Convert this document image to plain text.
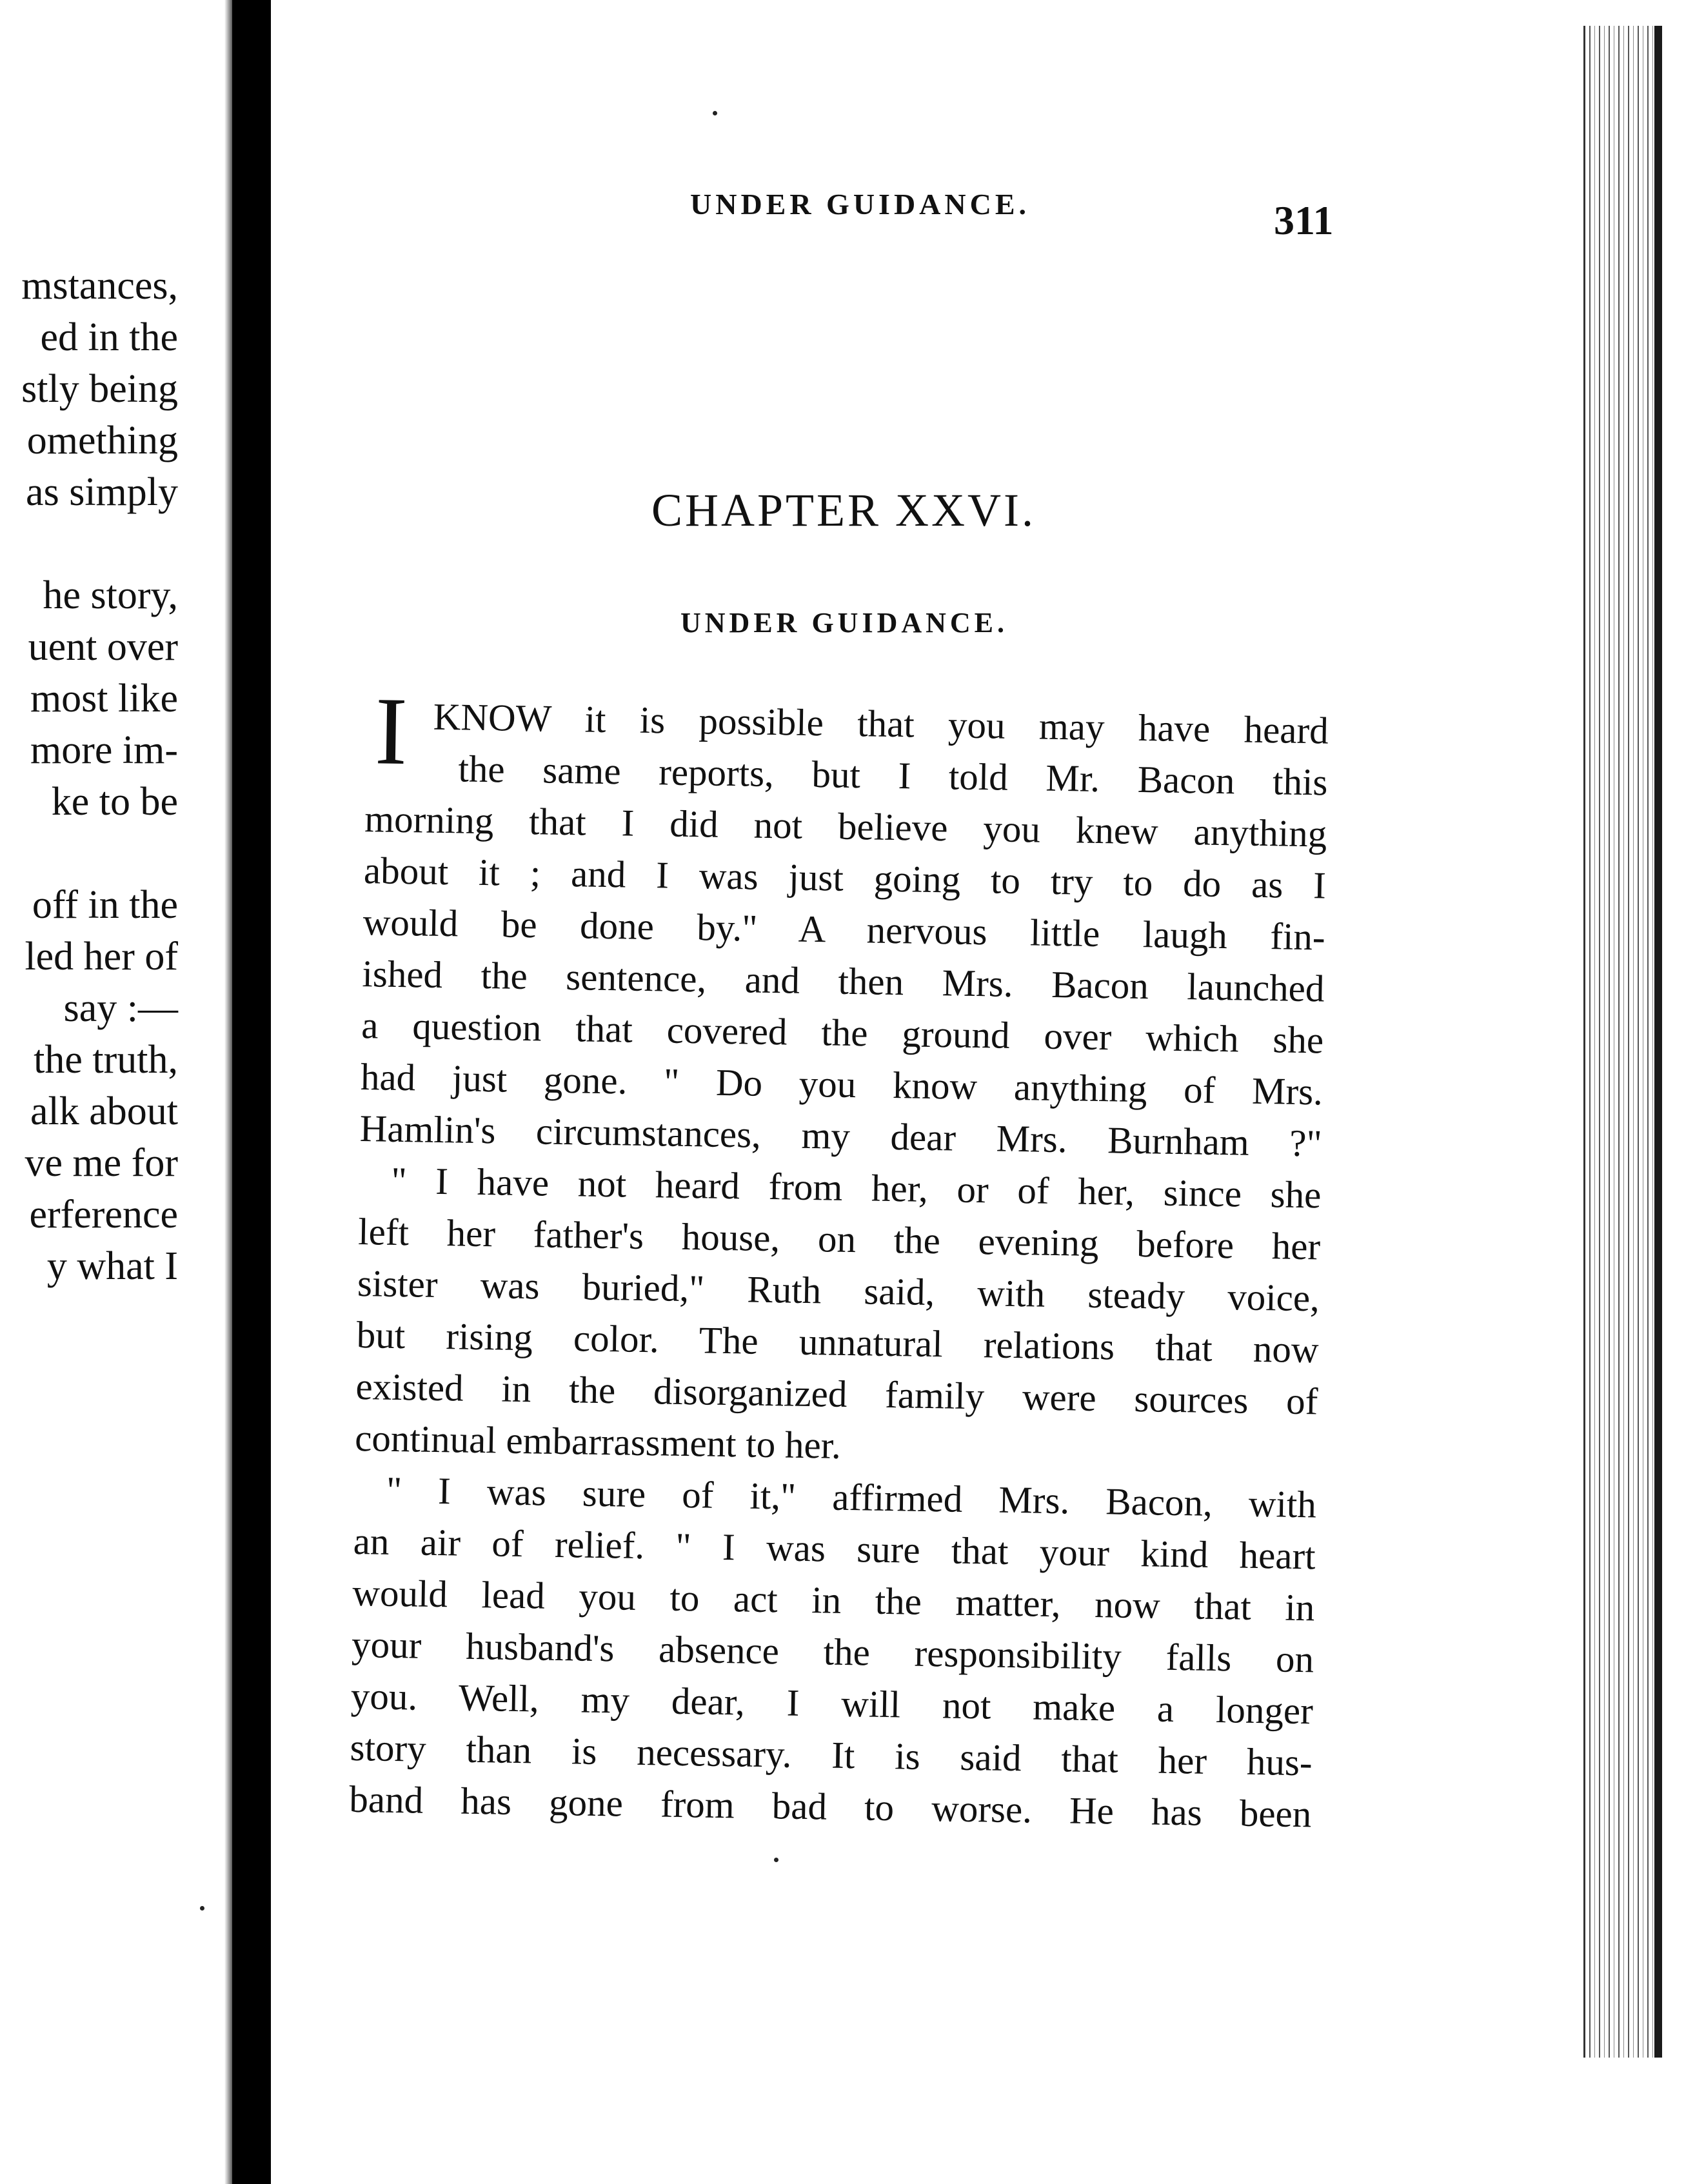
mstances,
ed in the
stly being
omething
as simply
he story,
uent over
most like
more im-
ke to be
off in the
led her of
say :—
the truth,
alk about
ve me for
erference
y what I
UNDER GUIDANCE.	311
CHAPTER XXVI.
UNDER GUIDANCE.
I KNOW it is possible that you may have heard
the same reports, but I told Mr. Bacon this
morning that I did not believe you knew anything
about it ; and I was just going to try to do as I
would be done by." A nervous little laugh fin-
ished the sentence, and then Mrs. Bacon launched
a question that covered the ground over which she
had just gone. " Do you know anything of Mrs.
Hamlin's circumstances, my dear Mrs. Burnham ?"
" I have not heard from her, or of her, since she
left her father's house, on the evening before her
sister was buried," Ruth said, with steady voice,
but rising color. The unnatural relations that now
existed in the disorganized family were sources of
continual embarrassment to her.
" I was sure of it," affirmed Mrs. Bacon, with
an air of relief. " I was sure that your kind heart
would lead you to act in the matter, now that in
your husband's absence the responsibility falls on
you. Well, my dear, I will not make a longer
story than is necessary. It is said that her hus-
band has gone from bad to worse. He has been
